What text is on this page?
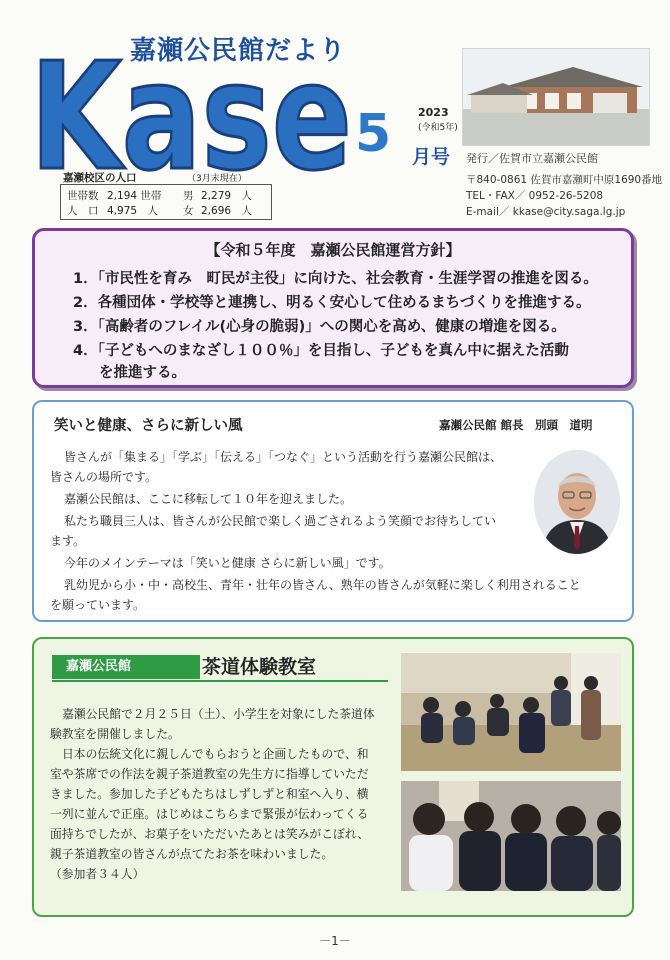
Kase
嘉瀬公民館だより
5 2023
(令和5年)
月号 発行／佐賀市立嘉瀬公民館
嘉瀬校区の人口	（3月末現在）
世帯数 2,194 世帯 男 2,279　人
人　口 4,975　人 女 2,696　人
〒840-0861 佐賀市嘉瀬町中原1690番地
TEL・FAX／ 0952-26-5208
E-mail／ kkase@city.saga.lg.jp
【令和５年度　嘉瀬公民館運営方針】
1．「市民性を育み　町民が主役」に向けた、社会教育・生涯学習の推進を図る。
2．各種団体・学校等と連携し、明るく安心して住めるまちづくりを推進する。
3．「高齢者のフレイル(心身の脆弱)」への関心を高め、健康の増進を図る。
4．「子どもへのまなざし１００％」を目指し、子どもを真ん中に据えた活動
を推進する。
笑いと健康、さらに新しい風	嘉瀬公民館 館長　別頭　道明
皆さんが「集まる」「学ぶ」「伝える」「つなぐ」という活動を行う嘉瀬公民館は、
皆さんの場所です。
嘉瀬公民館は、ここに移転して１０年を迎えました。
私たち職員三人は、皆さんが公民館で楽しく過ごされるよう笑顔でお待ちしてい
ます。
今年のメインテーマは「笑いと健康 さらに新しい風」です。
乳幼児から小・中・高校生、青年・壮年の皆さん、熟年の皆さんが気軽に楽しく利用されること
を願っています。
嘉瀬公民館	茶道体験教室
嘉瀬公民館で２月２５日（土）、小学生を対象にした茶道体
験教室を開催しました。
日本の伝統文化に親しんでもらおうと企画したもので、和
室や茶席での作法を親子茶道教室の先生方に指導していただ
きました。参加した子どもたちはしずしずと和室へ入り、横
一列に並んで正座。はじめはこちらまで緊張が伝わってくる
面持ちでしたが、お菓子をいただいたあとは笑みがこぼれ、
親子茶道教室の皆さんが点てたお茶を味わいました。
（参加者３４人）
－1－
